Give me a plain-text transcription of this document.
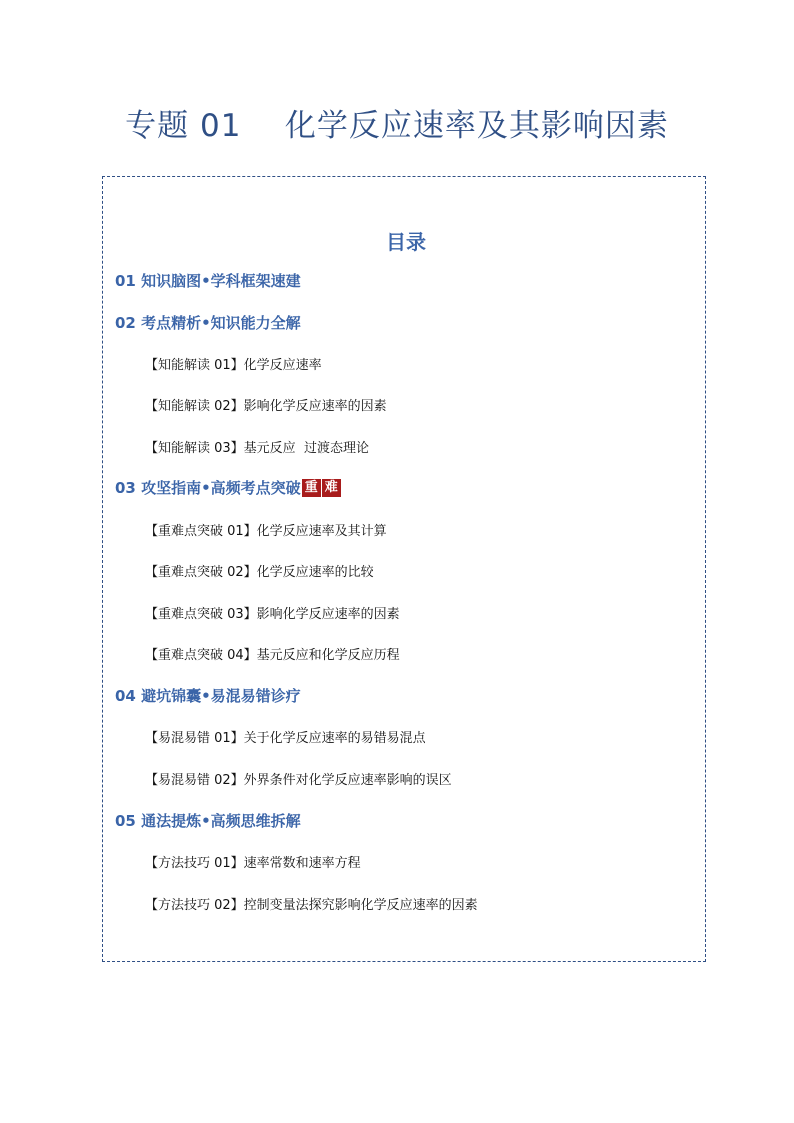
专题 01    化学反应速率及其影响因素
目录
01 知识脑图•学科框架速建
02 考点精析•知识能力全解
【知能解读 01】化学反应速率
【知能解读 02】影响化学反应速率的因素
【知能解读 03】基元反应  过渡态理论
03 攻坚指南•高频考点突破 重 难
【重难点突破 01】化学反应速率及其计算
【重难点突破 02】化学反应速率的比较
【重难点突破 03】影响化学反应速率的因素
【重难点突破 04】基元反应和化学反应历程
04 避坑锦囊•易混易错诊疗
【易混易错 01】关于化学反应速率的易错易混点
【易混易错 02】外界条件对化学反应速率影响的误区
05 通法提炼•高频思维拆解
【方法技巧 01】速率常数和速率方程
【方法技巧 02】控制变量法探究影响化学反应速率的因素
